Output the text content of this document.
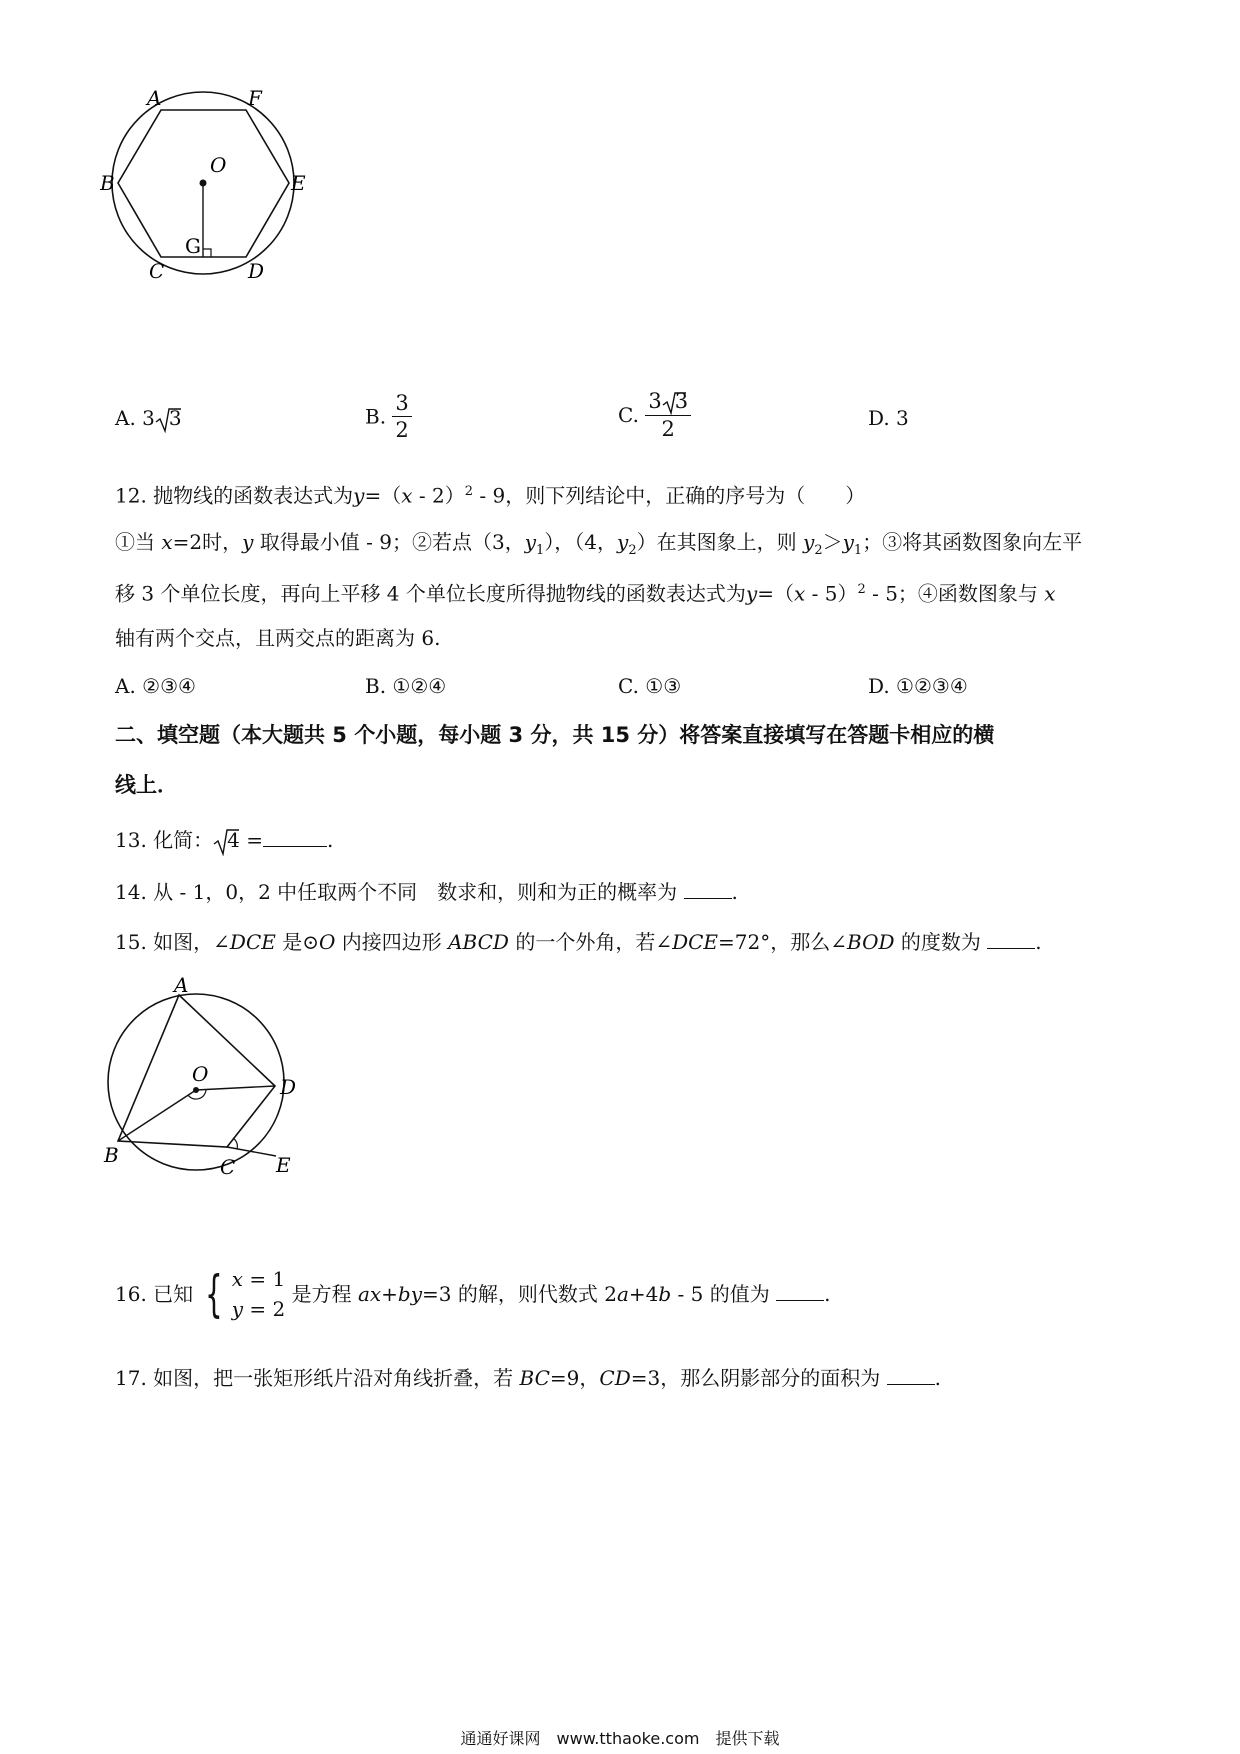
A	F
B
O
E
G
C	D
A. 3 3	B. $\frac{3}{2}$	C. $\frac{3 3}{2}$	D. 3
12. 抛物线的函数表达式为y=（x - 2）$^2$ - 9，则下列结论中，正确的序号为（　　）
①当 x=2时，y 取得最小值 - 9；②若点（3，$y_1$），（4，$y_2$）在其图象上，则 $y_2>y_1$；③将其函数图象向左平
移 3 个单位长度，再向上平移 4 个单位长度所得抛物线的函数表达式为y=（x - 5）$^2$ - 5；④函数图象与 x
轴有两个交点，且两交点的距离为 6.
A. ②③④	B. ①②④	C. ①③	D. ①②③④
二、填空题（本大题共 5 个小题，每小题 3 分，共 15 分）将答案直接填写在答题卡相应的横
线上．
13. 化简： 4 =	.
14. 从 - 1，0，2 中任取两个不同　数求和，则和为正的概率为 .
15. 如图，∠DCE 是⊙O 内接四边形 ABCD 的一个外角，若∠DCE=72°，那么∠BOD 的度数为 .
A
O
D
B	C E
16. 已知 { x = 1
y = 2
是方程 ax+by=3 的解，则代数式 2a+4b - 5 的值为 .
17. 如图，把一张矩形纸片沿对角线折叠，若 BC=9，CD=3，那么阴影部分的面积为 .
通通好课网　www.tthaoke.com　提供下载
